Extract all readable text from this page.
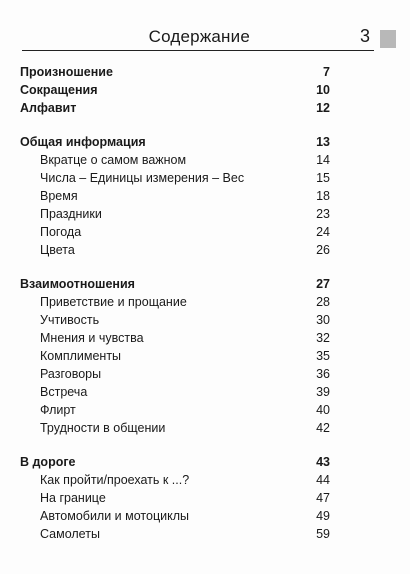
Содержание	3
Произношение	7
Сокращения	10
Алфавит	12
Общая информация	13
Вкратце о самом важном	14
Числа – Единицы измерения – Вес	15
Время	18
Праздники	23
Погода	24
Цвета	26
Взаимоотношения	27
Приветствие и прощание	28
Учтивость	30
Мнения и чувства	32
Комплименты	35
Разговоры	36
Встреча	39
Флирт	40
Трудности в общении	42
В дороге	43
Как пройти/проехать к ...?	44
На границе	47
Автомобили и мотоциклы	49
Самолеты	59
